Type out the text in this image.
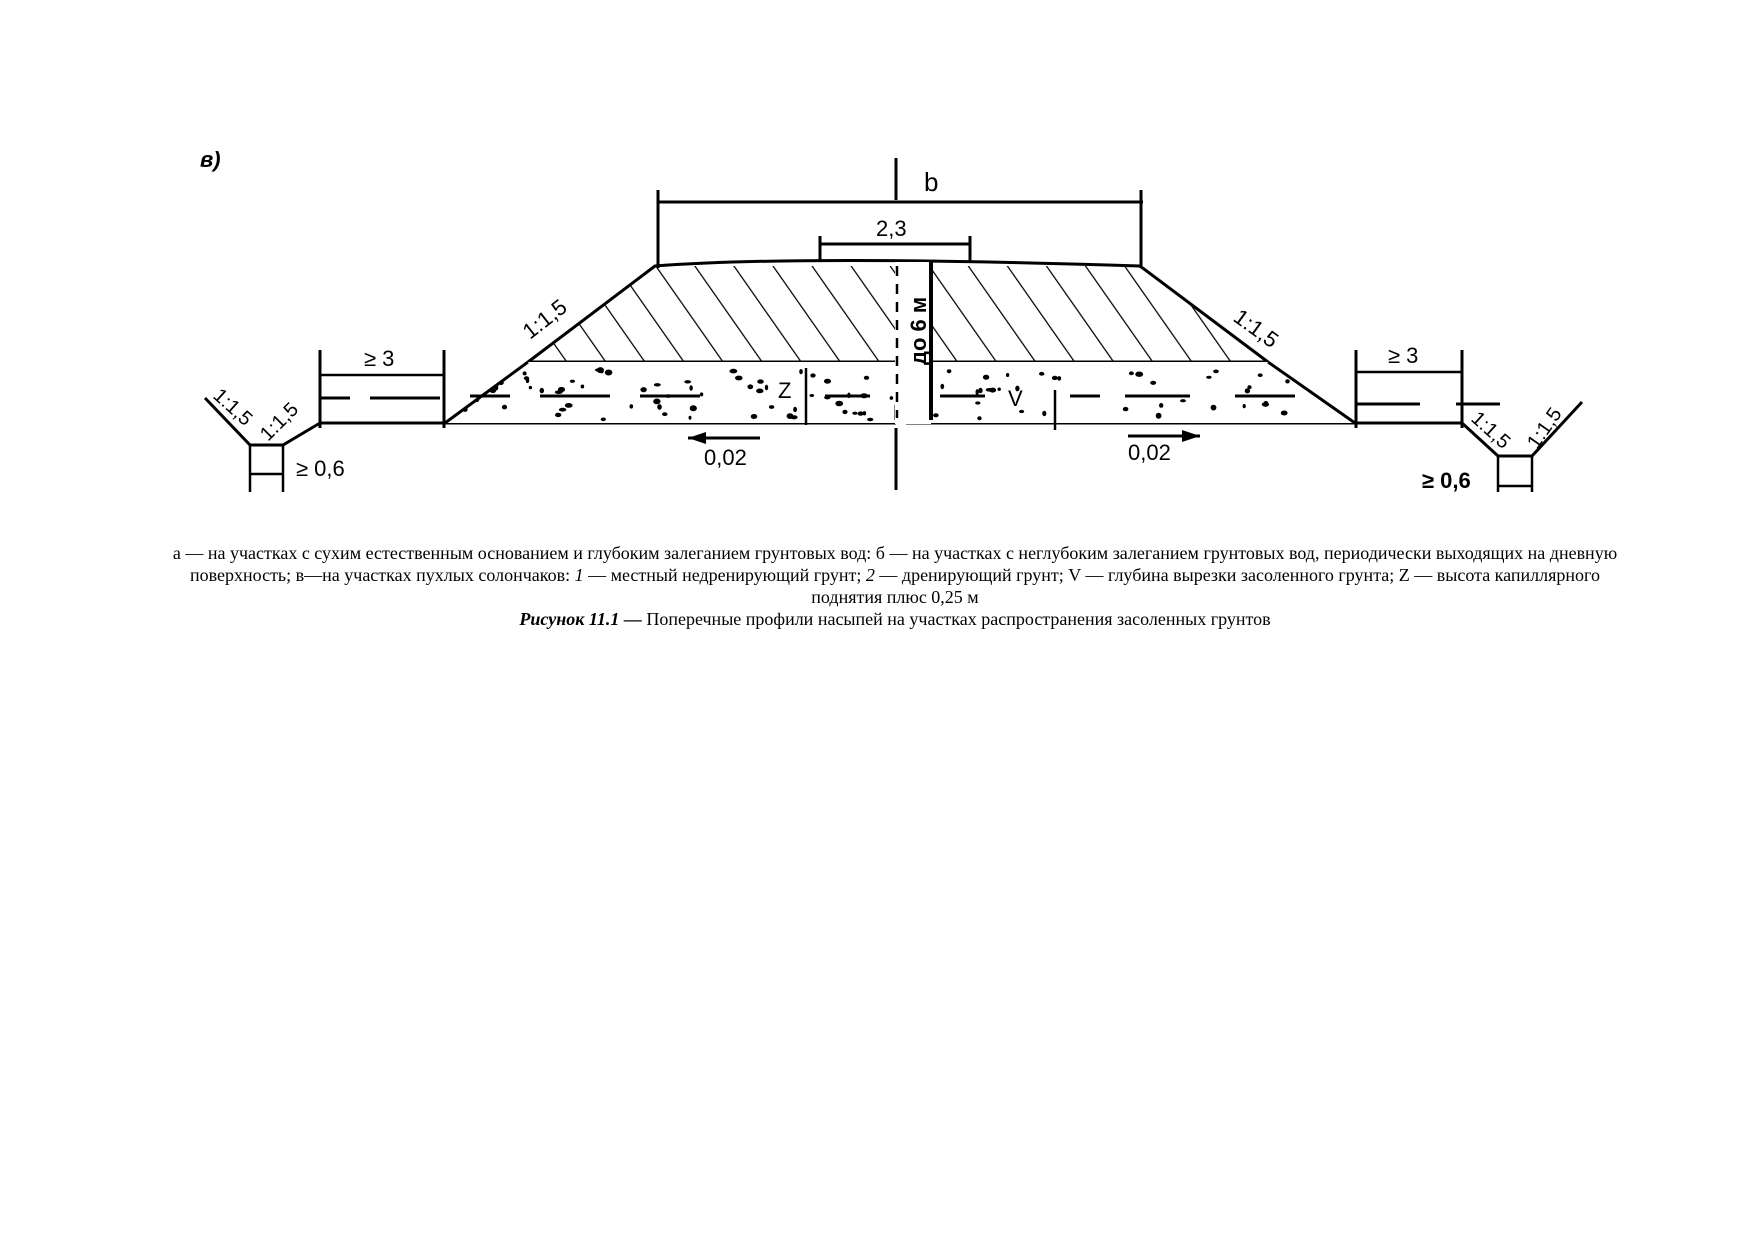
в)
до 6 м
b
2,3
1:1,5	1:1,5
Z	V
0,02	0,02
≥ 3	≥ 3
≥ 0,6
1:1,5 1:1,5
≥ 0,6
1:1,5 1:1,5
а — на участках с сухим естественным основанием и глубоким залеганием грунтовых вод: б — на участках с неглубоким залеганием грунтовых вод, периодически выходящих на дневную поверхность; в—на участках пухлых солончаков: 1 — местный недренирующий грунт; 2 — дренирующий грунт; V — глубина вырезки засоленного грунта; Z — высота капиллярного поднятия плюс 0,25 м
Рисунок 11.1 — Поперечные профили насыпей на участках распространения засоленных грунтов
